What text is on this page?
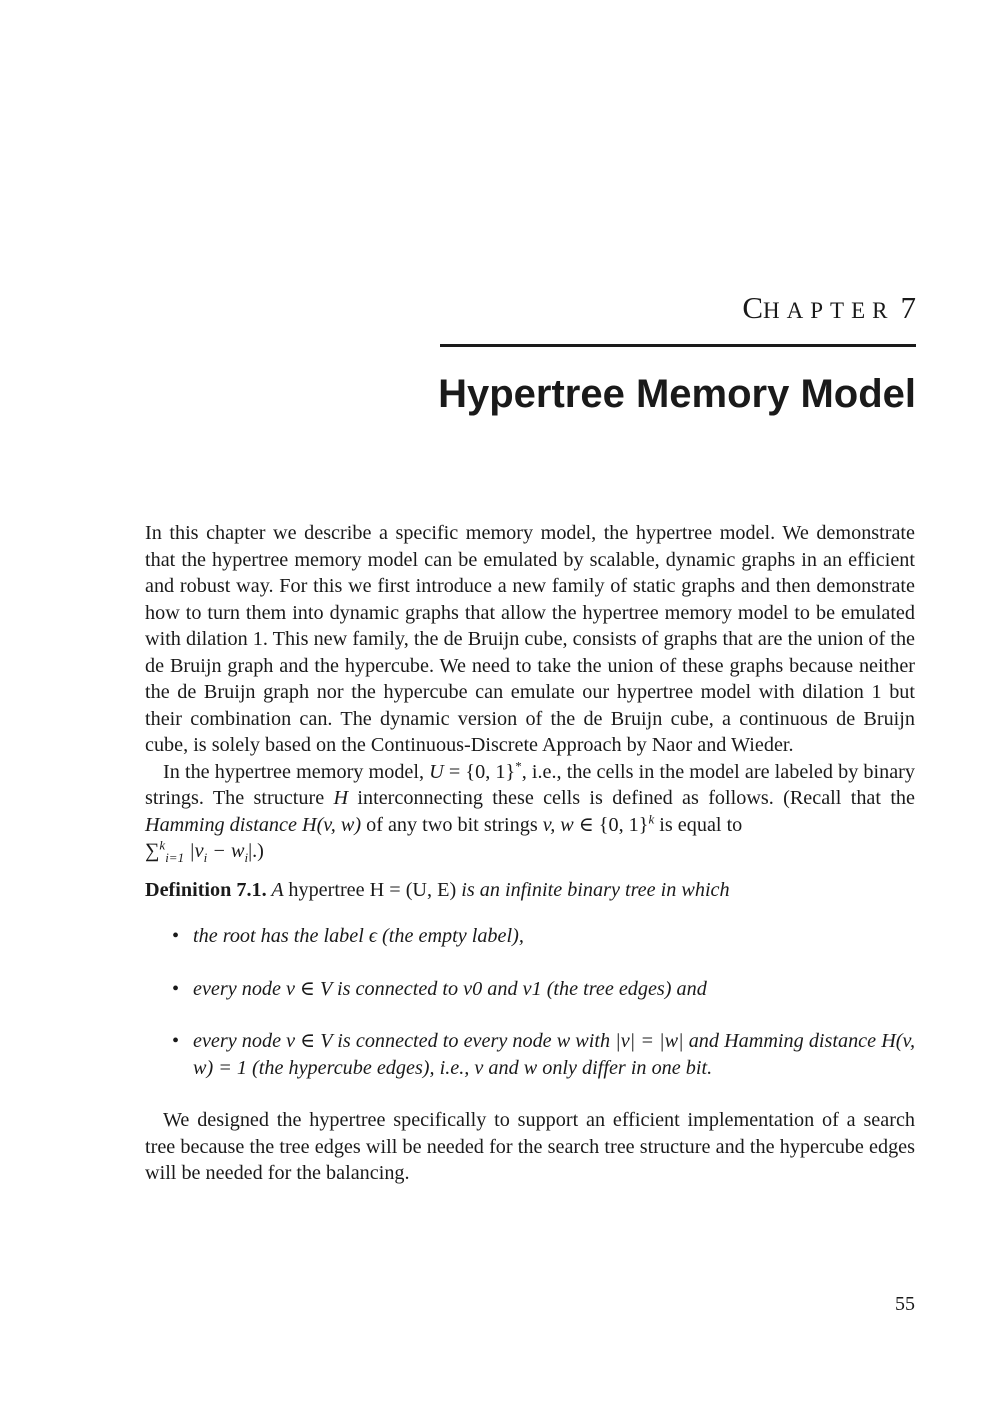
CHAPTER 7
Hypertree Memory Model

In this chapter we describe a specific memory model, the hypertree model. We demonstrate that the hypertree memory model can be emulated by scalable, dynamic graphs in an efficient and robust way. For this we first introduce a new family of static graphs and then demonstrate how to turn them into dynamic graphs that allow the hypertree memory model to be emulated with dilation 1. This new family, the de Bruijn cube, consists of graphs that are the union of the de Bruijn graph and the hypercube. We need to take the union of these graphs because neither the de Bruijn graph nor the hypercube can emulate our hypertree model with dilation 1 but their combination can. The dynamic version of the de Bruijn cube, a continuous de Bruijn cube, is solely based on the Continuous-Discrete Approach by Naor and Wieder.

In the hypertree memory model, U = {0, 1}*, i.e., the cells in the model are labeled by binary strings. The structure H interconnecting these cells is defined as follows. (Recall that the Hamming distance H(v, w) of any two bit strings v, w ∈ {0, 1}$^k$ is equal to
∑$^k_{i=1}$ $|v_i - w_i|$.)

Definition 7.1. A hypertree H = (U, E) is an infinite binary tree in which

• the root has the label ϵ (the empty label),
• every node v ∈ V is connected to v0 and v1 (the tree edges) and
• every node v ∈ V is connected to every node w with |v| = |w| and Hamming distance H(v, w) = 1 (the hypercube edges), i.e., v and w only differ in one bit.

We designed the hypertree specifically to support an efficient implementation of a search tree because the tree edges will be needed for the search tree structure and the hypercube edges will be needed for the balancing.

55
